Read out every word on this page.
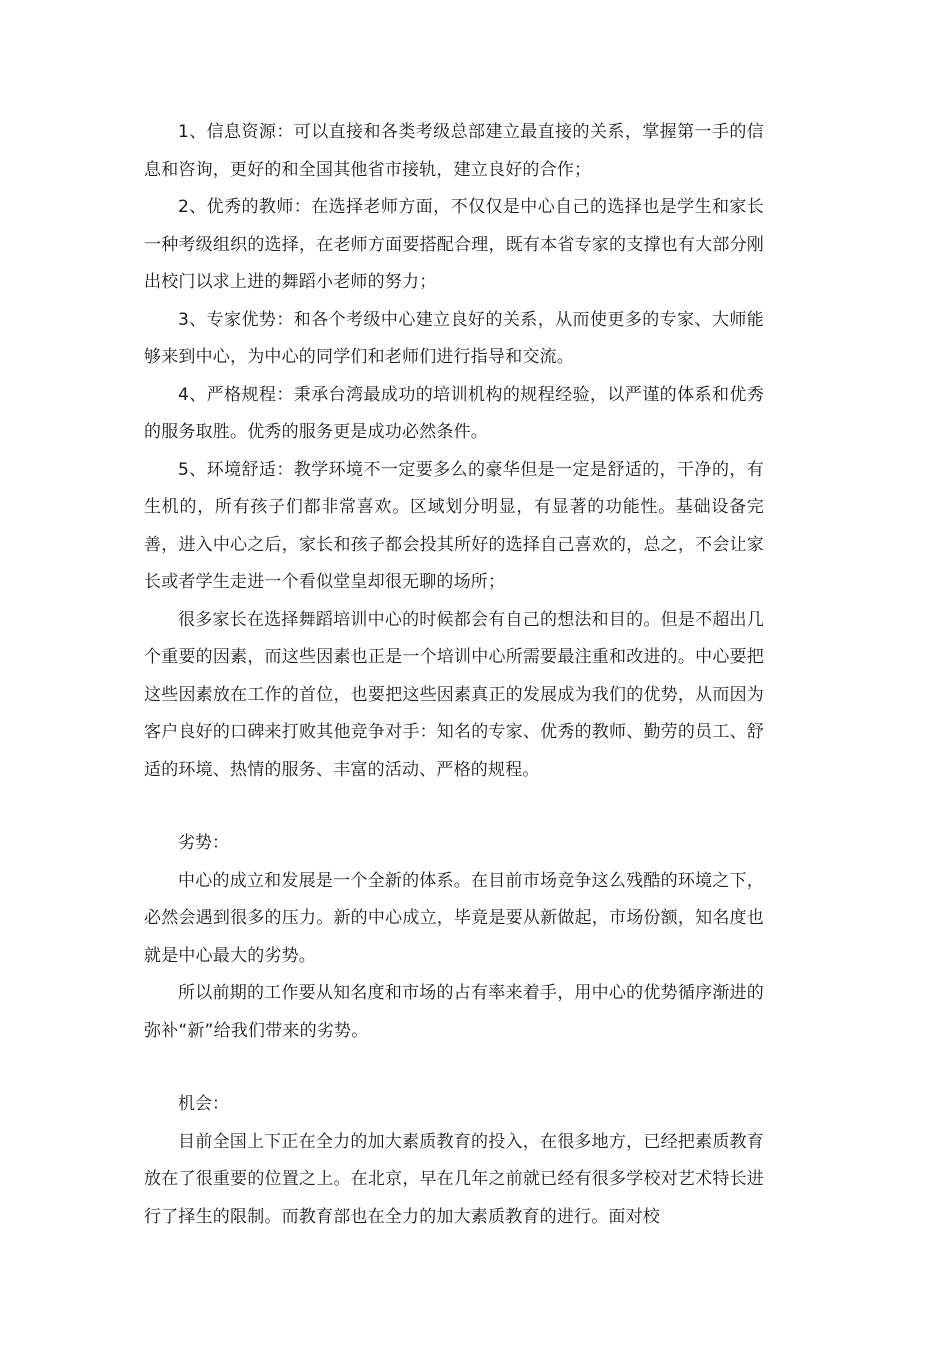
1、信息资源：可以直接和各类考级总部建立最直接的关系，掌握第一手的信息和咨询，更好的和全国其他省市接轨，建立良好的合作；

2、优秀的教师：在选择老师方面，不仅仅是中心自己的选择也是学生和家长一种考级组织的选择，在老师方面要搭配合理，既有本省专家的支撑也有大部分刚出校门以求上进的舞蹈小老师的努力；

3、专家优势：和各个考级中心建立良好的关系，从而使更多的专家、大师能够来到中心，为中心的同学们和老师们进行指导和交流。

4、严格规程：秉承台湾最成功的培训机构的规程经验，以严谨的体系和优秀的服务取胜。优秀的服务更是成功必然条件。

5、环境舒适：教学环境不一定要多么的豪华但是一定是舒适的，干净的，有生机的，所有孩子们都非常喜欢。区域划分明显，有显著的功能性。基础设备完善，进入中心之后，家长和孩子都会投其所好的选择自己喜欢的，总之，不会让家长或者学生走进一个看似堂皇却很无聊的场所；

很多家长在选择舞蹈培训中心的时候都会有自己的想法和目的。但是不超出几个重要的因素，而这些因素也正是一个培训中心所需要最注重和改进的。中心要把这些因素放在工作的首位，也要把这些因素真正的发展成为我们的优势，从而因为客户良好的口碑来打败其他竞争对手：知名的专家、优秀的教师、勤劳的员工、舒适的环境、热情的服务、丰富的活动、严格的规程。

劣势：

中心的成立和发展是一个全新的体系。在目前市场竞争这么残酷的环境之下，必然会遇到很多的压力。新的中心成立，毕竟是要从新做起，市场份额，知名度也就是中心最大的劣势。

所以前期的工作要从知名度和市场的占有率来着手，用中心的优势循序渐进的弥补“新”给我们带来的劣势。

机会：

目前全国上下正在全力的加大素质教育的投入，在很多地方，已经把素质教育放在了很重要的位置之上。在北京，早在几年之前就已经有很多学校对艺术特长进行了择生的限制。而教育部也在全力的加大素质教育的进行。面对校
